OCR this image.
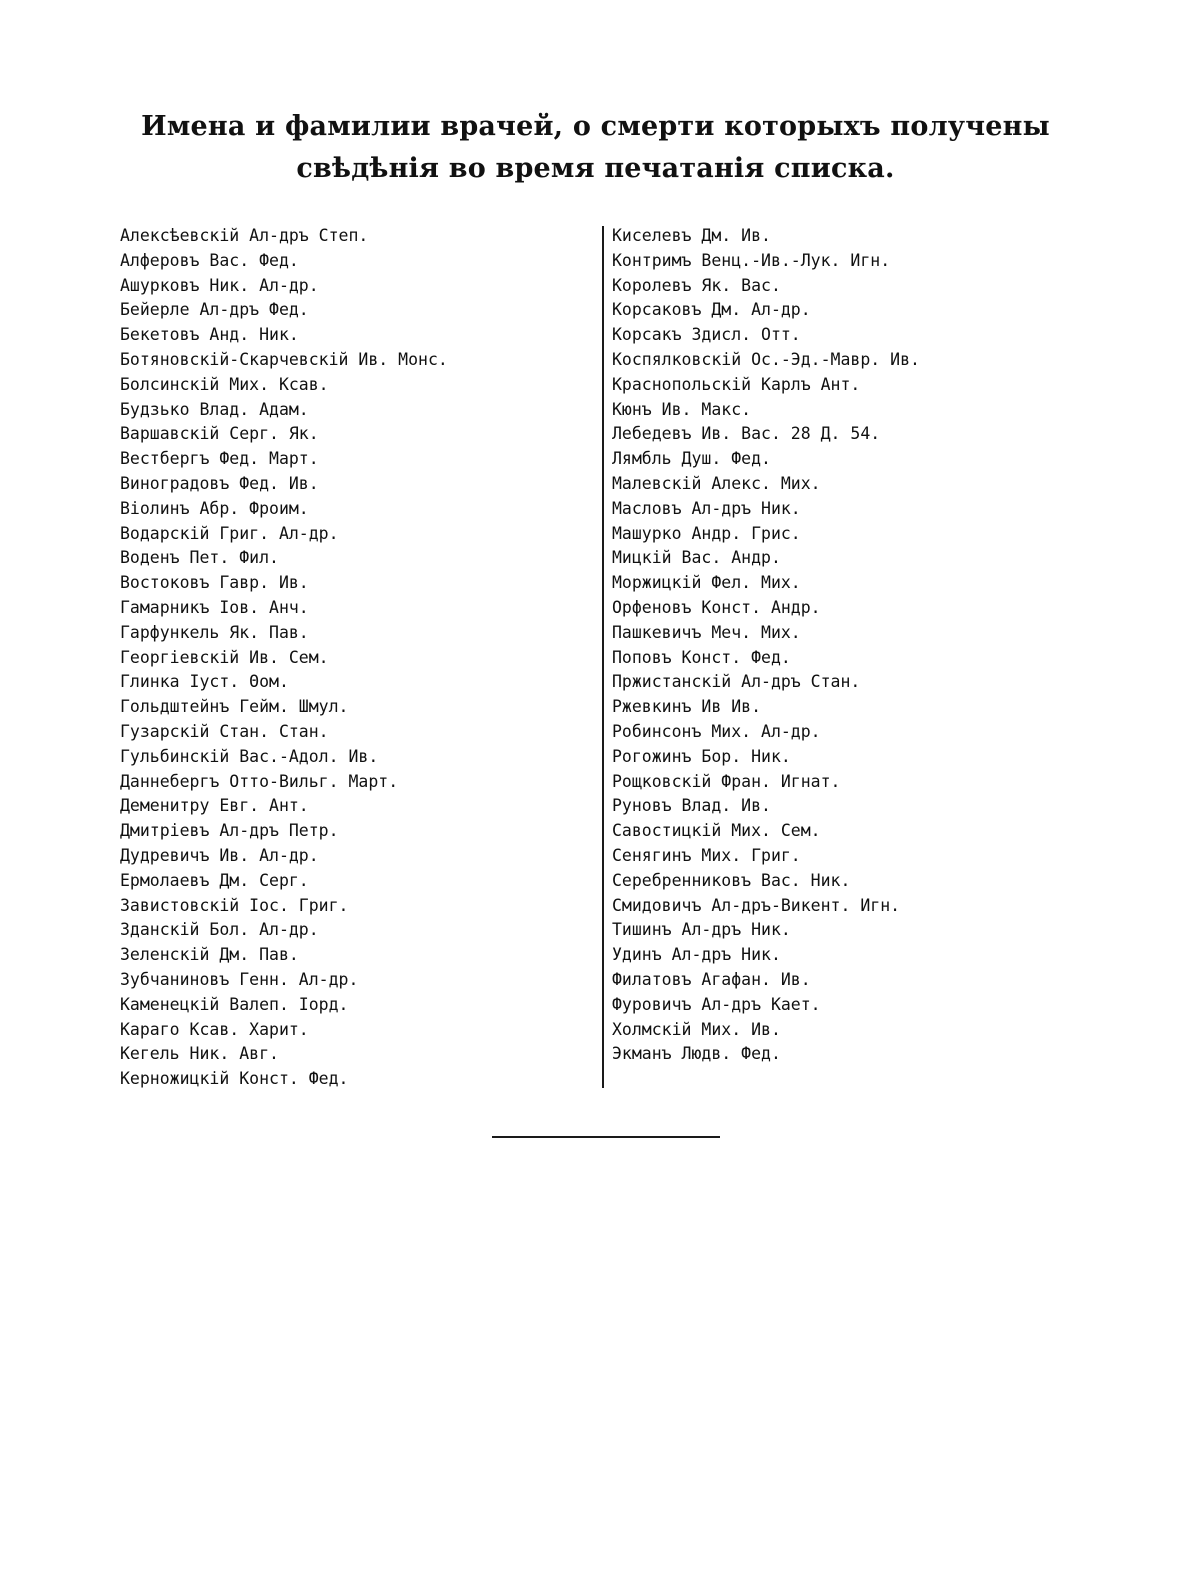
Имена и фамилии врачей, о смерти которыхъ получены
свѣдѣнія во время печатанія списка.
Алексѣевскій Ал-дръ Степ.
Алферовъ Вас. Фед.
Ашурковъ Ник. Ал-др.
Бейерле Ал-дръ Фед.
Бекетовъ Анд. Ник.
Ботяновскій-Скарчевскій Ив. Монс.
Болсинскій Мих. Ксав.
Будзько Влад. Адам.
Варшавскій Серг. Як.
Вестбергъ Фед. Март.
Виноградовъ Фед. Ив.
Віолинъ Абр. Фроим.
Водарскій Григ. Ал-др.
Воденъ Пет. Фил.
Востоковъ Гавр. Ив.
Гамарникъ Іов. Анч.
Гарфункель Як. Пав.
Георгіевскій Ив. Сем.
Глинка Іуст. Θом.
Гольдштейнъ Гейм. Шмул.
Гузарскій Стан. Стан.
Гульбинскій Вас.-Адол. Ив.
Даннебергъ Отто-Вильг. Март.
Деменитру Евг. Ант.
Дмитріевъ Ал-дръ Петр.
Дудревичъ Ив. Ал-др.
Ермолаевъ Дм. Серг.
Завистовскій Іос. Григ.
Зданскій Бол. Ал-др.
Зеленскій Дм. Пав.
Зубчаниновъ Генн. Ал-др.
Каменецкій Валеп. Іорд.
Караго Ксав. Харит.
Кегель Ник. Авг.
Керножицкій Конст. Фед.
Киселевъ Дм. Ив.
Контримъ Венц.-Ив.-Лук. Игн.
Королевъ Як. Вас.
Корсаковъ Дм. Ал-др.
Корсакъ Здисл. Отт.
Коспялковскій Ос.-Эд.-Мавр. Ив.
Краснопольскій Карлъ Ант.
Кюнъ Ив. Макс.
Лебедевъ Ив. Вас. 28 Д. 54.
Лямбль Душ. Фед.
Малевскій Алекс. Мих.
Масловъ Ал-дръ Ник.
Машурко Андр. Грис.
Мицкій Вас. Андр.
Моржицкій Фел. Мих.
Орфеновъ Конст. Андр.
Пашкевичъ Меч. Мих.
Поповъ Конст. Фед.
Пржистанскій Ал-дръ Стан.
Ржевкинъ Ив Ив.
Робинсонъ Мих. Ал-др.
Рогожинъ Бор. Ник.
Рощковскій Фран. Игнат.
Руновъ Влад. Ив.
Савостицкій Мих. Сем.
Сенягинъ Мих. Григ.
Серебренниковъ Вас. Ник.
Смидовичъ Ал-дръ-Викент. Игн.
Тишинъ Ал-дръ Ник.
Удинъ Ал-дръ Ник.
Филатовъ Агафан. Ив.
Фуровичъ Ал-дръ Кает.
Холмскій Мих. Ив.
Экманъ Людв. Фед.
